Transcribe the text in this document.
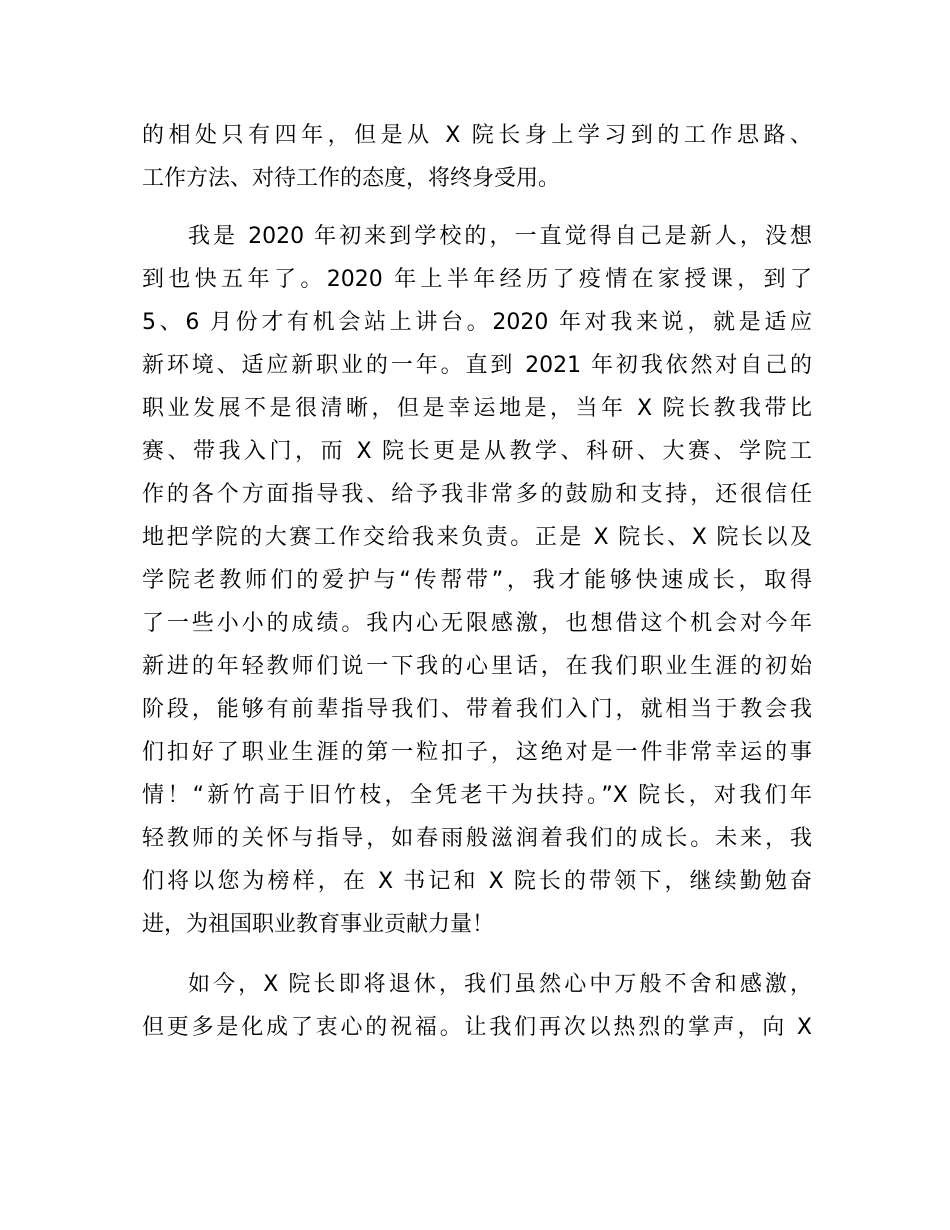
的相处只有四年，但是从 X 院长身上学习到的工作思路、
工作方法、对待工作的态度，将终身受用。
我是 2020 年初来到学校的，一直觉得自己是新人，没想
到也快五年了。2020 年上半年经历了疫情在家授课，到了
5、6 月份才有机会站上讲台。2020 年对我来说，就是适应
新环境、适应新职业的一年。直到 2021 年初我依然对自己的
职业发展不是很清晰，但是幸运地是，当年 X 院长教我带比
赛、带我入门，而 X 院长更是从教学、科研、大赛、学院工
作的各个方面指导我、给予我非常多的鼓励和支持，还很信任
地把学院的大赛工作交给我来负责。正是 X 院长、X 院长以及
学院老教师们的爱护与“传帮带”，我才能够快速成长，取得
了一些小小的成绩。我内心无限感激，也想借这个机会对今年
新进的年轻教师们说一下我的心里话，在我们职业生涯的初始
阶段，能够有前辈指导我们、带着我们入门，就相当于教会我
们扣好了职业生涯的第一粒扣子，这绝对是一件非常幸运的事
情！“新竹高于旧竹枝，全凭老干为扶持。”X 院长，对我们年
轻教师的关怀与指导，如春雨般滋润着我们的成长。未来，我
们将以您为榜样，在 X 书记和 X 院长的带领下，继续勤勉奋
进，为祖国职业教育事业贡献力量！
如今，X 院长即将退休，我们虽然心中万般不舍和感激，
但更多是化成了衷心的祝福。让我们再次以热烈的掌声，向 X
